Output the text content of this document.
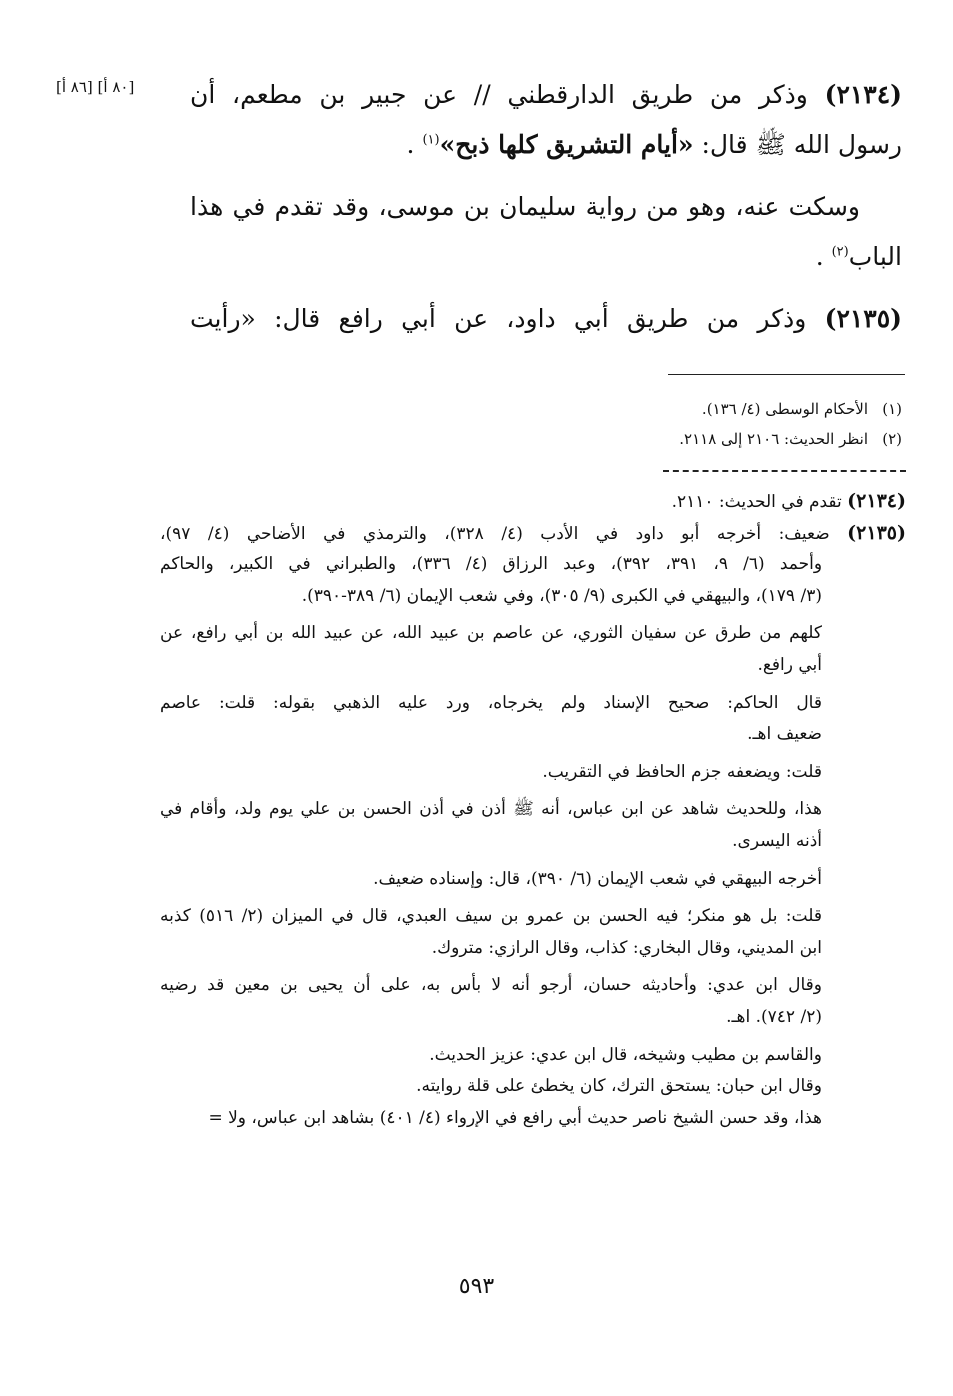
[٨٦ أ] [٨٠ أ]	(٢١٣٤) وذكر من طريق الدارقطني // عن جبير بن مطعم، أن
رسول الله ﷺ قال: «أيام التشريق كلها ذبح»$^{(١)}$ .
وسكت عنه، وهو من رواية سليمان بن موسى، وقد تقدم في هذا
الباب$^{(٢)}$ .
(٢١٣٥) وذكر من طريق أبي داود، عن أبي رافع قال: «رأيت
(١)الأحكام الوسطى (٤/ ١٣٦).
(٢)انظر الحديث: ٢١٠٦ إلى ٢١١٨.
(٢١٣٤) تقدم في الحديث: ٢١١٠.
(٢١٣٥) ضعيف: أخرجه أبو داود في الأدب (٤/ ٣٢٨)، والترمذي في الأضاحي (٤/ ٩٧)،
وأحمد (٦/ ٩، ٣٩١، ٣٩٢)، وعبد الرزاق (٤/ ٣٣٦)، والطبراني في الكبير، والحاكم
(٣/ ١٧٩)، والبيهقي في الكبرى (٩/ ٣٠٥)، وفي شعب الإيمان (٦/ ٣٨٩-٣٩٠).
كلهم من طرق عن سفيان الثوري، عن عاصم بن عبيد الله، عن عبيد الله بن أبي رافع، عن
أبي رافع.
قال الحاكم: صحيح الإسناد ولم يخرجاه، ورد عليه الذهبي بقوله: قلت: عاصم
ضعيف اهـ.
قلت: ويضعفه جزم الحافظ في التقريب.
هذا، وللحديث شاهد عن ابن عباس، أنه ﷺ أذن في أذن الحسن بن علي يوم ولد، وأقام في
أذنه اليسرى.
أخرجه البيهقي في شعب الإيمان (٦/ ٣٩٠)، قال: وإسناده ضعيف.
قلت: بل هو منكر؛ فيه الحسن بن عمرو بن سيف العبدي، قال في الميزان (٢/ ٥١٦) كذبه
ابن المديني، وقال البخاري: كذاب، وقال الرازي: متروك.
وقال ابن عدي: وأحاديثه حسان، أرجو أنه لا بأس به، على أن يحيى بن معين قد رضيه
(٢/ ٧٤٢). اهـ.
والقاسم بن مطيب وشيخه، قال ابن عدي: عزيز الحديث.
وقال ابن حبان: يستحق الترك، كان يخطئ على قلة روايته.
هذا، وقد حسن الشيخ ناصر حديث أبي رافع في الإرواء (٤/ ٤٠١) بشاهد ابن عباس، ولا =
٥٩٣
